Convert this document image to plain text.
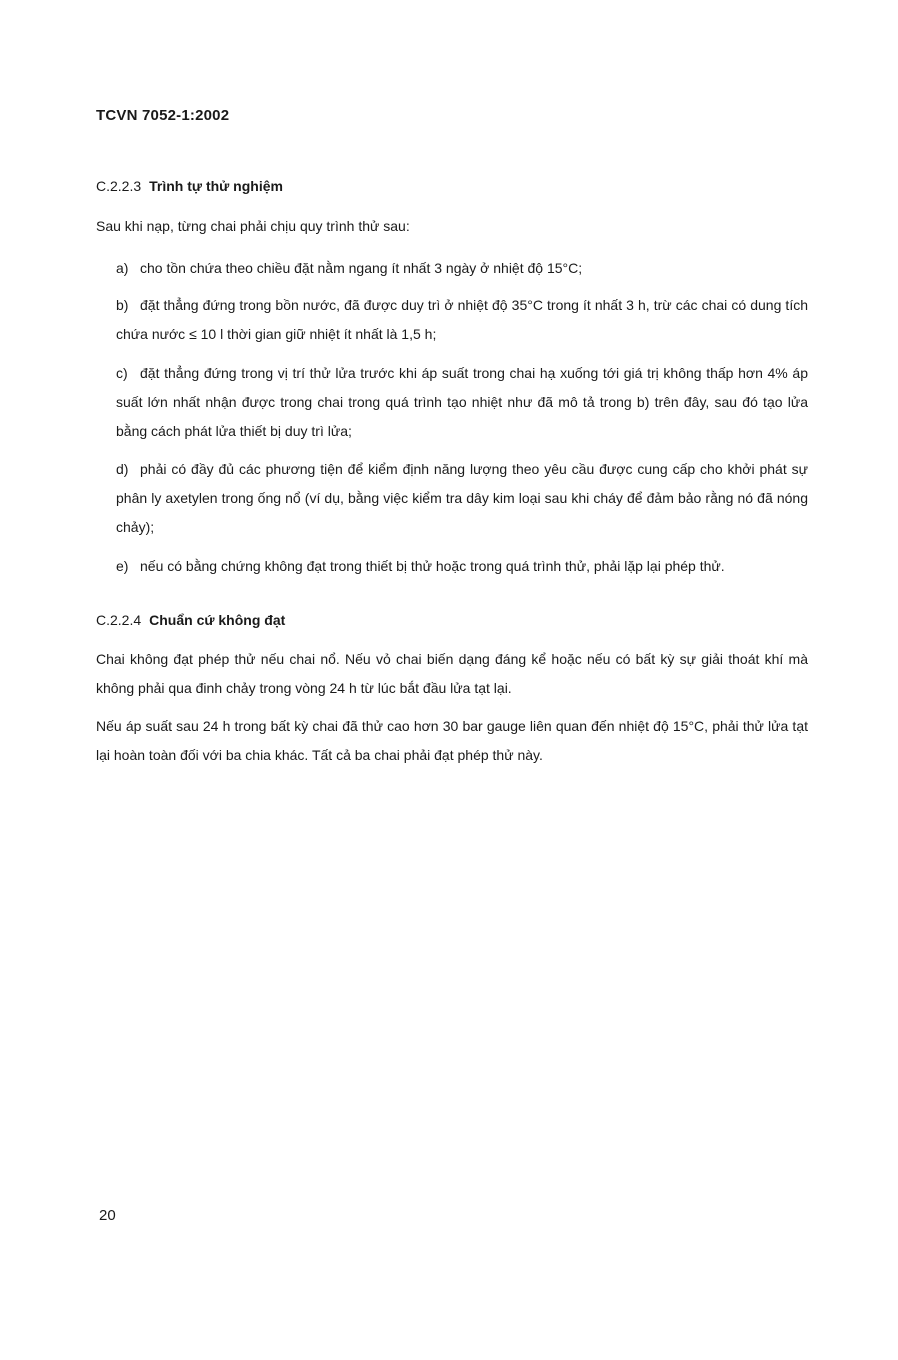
TCVN 7052-1:2002
C.2.2.3 Trình tự thử nghiệm
Sau khi nạp, từng chai phải chịu quy trình thử sau:
a) cho tồn chứa theo chiều đặt nằm ngang ít nhất 3 ngày ở nhiệt độ 15°C;
b) đặt thẳng đứng trong bồn nước, đã được duy trì ở nhiệt độ 35°C trong ít nhất 3 h, trừ các chai có dung tích chứa nước ≤ 10 l thời gian giữ nhiệt ít nhất là 1,5 h;
c) đặt thẳng đứng trong vị trí thử lửa trước khi áp suất trong chai hạ xuống tới giá trị không thấp hơn 4% áp suất lớn nhất nhận được trong chai trong quá trình tạo nhiệt như đã mô tả trong b) trên đây, sau đó tạo lửa bằng cách phát lửa thiết bị duy trì lửa;
d) phải có đầy đủ các phương tiện để kiểm định năng lượng theo yêu cầu được cung cấp cho khởi phát sự phân ly axetylen trong ống nổ (ví dụ, bằng việc kiểm tra dây kim loại sau khi cháy để đảm bảo rằng nó đã nóng chảy);
e) nếu có bằng chứng không đạt trong thiết bị thử hoặc trong quá trình thử, phải lặp lại phép thử.
C.2.2.4 Chuẩn cứ không đạt
Chai không đạt phép thử nếu chai nổ. Nếu vỏ chai biến dạng đáng kể hoặc nếu có bất kỳ sự giải thoát khí mà không phải qua đinh chảy trong vòng 24 h từ lúc bắt đầu lửa tạt lại.
Nếu áp suất sau 24 h trong bất kỳ chai đã thử cao hơn 30 bar gauge liên quan đến nhiệt độ 15°C, phải thử lửa tạt lại hoàn toàn đối với ba chia khác. Tất cả ba chai phải đạt phép thử này.
20
